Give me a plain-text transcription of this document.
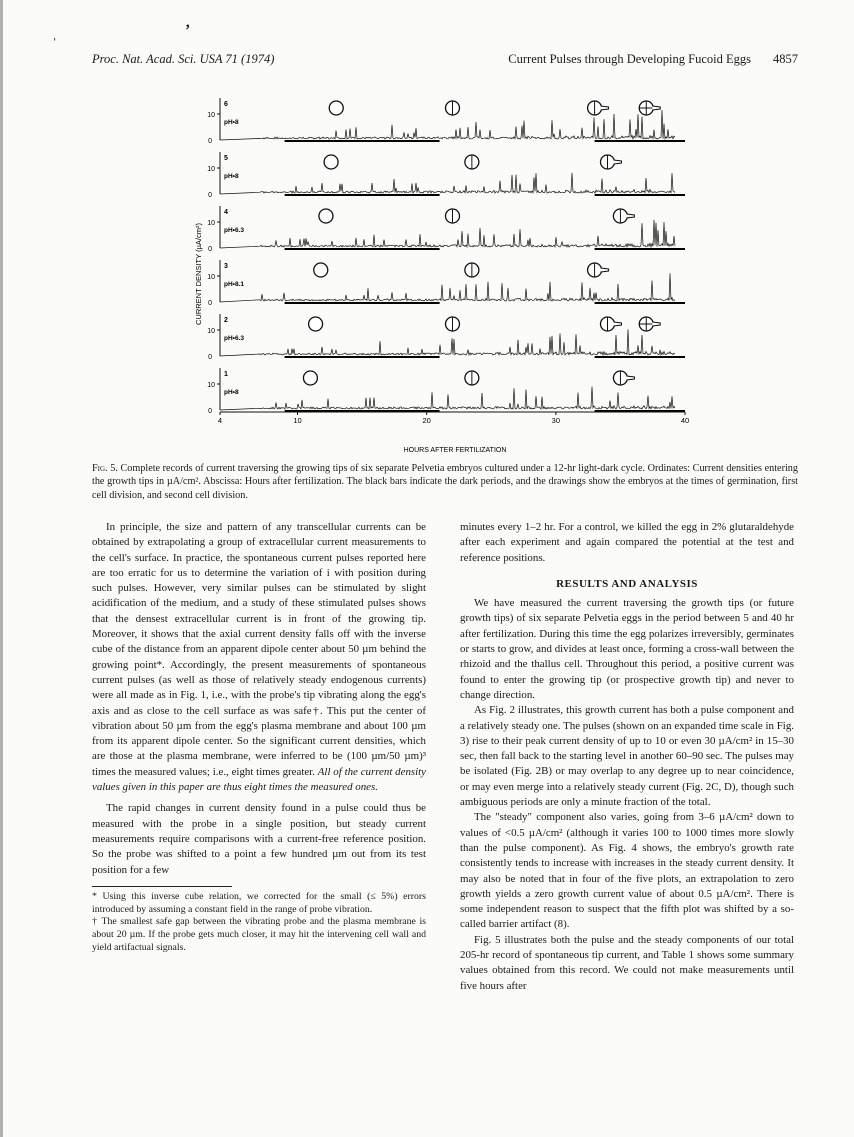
ʼ
ˌ
Proc. Nat. Acad. Sci. USA 71 (1974)	Current Pulses through Developing Fucoid Eggs 4857
CURRENT DENSITY (µA/cm²)
10
0
6
pH•8
10
0
5
pH•8
10
0
4
pH•6.3
10
0
3
pH•8.1
10
0
2
pH•6.3
10
0
1
pH•8
4	10	20	30	40
HOURS AFTER FERTILIZATION
Fig. 5. Complete records of current traversing the growing tips of six separate Pelvetia embryos cultured under a 12-hr light-dark cycle. Ordinates: Current densities entering the growth tips in µA/cm². Abscissa: Hours after fertilization. The black bars indicate the dark periods, and the drawings show the embryos at the times of germination, first cell division, and second cell division.

In principle, the size and pattern of any transcellular currents can be obtained by extrapolating a group of extracellular current measurements to the cell's surface. In practice, the spontaneous current pulses reported here are too erratic for us to determine the variation of i with position during such pulses. However, very similar pulses can be stimulated by slight acidification of the medium, and a study of these stimulated pulses shows that the densest extracellular current is in front of the growing tip. Moreover, it shows that the axial current density falls off with the inverse cube of the distance from an apparent dipole center about 50 µm behind the growing point*. Accordingly, the present measurements of spontaneous current pulses (as well as those of relatively steady endogenous currents) were all made as in Fig. 1, i.e., with the probe's tip vibrating along the egg's axis and as close to the cell surface as was safe†. This put the center of vibration about 50 µm from the egg's plasma membrane and about 100 µm from its apparent dipole center. So the significant current densities, which are those at the plasma membrane, were inferred to be (100 µm/50 µm)³ times the measured values; i.e., eight times greater. All of the current density values given in this paper are thus eight times the measured ones.

The rapid changes in current density found in a pulse could thus be measured with the probe in a single position, but steady current measurements require comparisons with a current-free reference position. So the probe was shifted to a point a few hundred µm out from its test position for a few

* Using this inverse cube relation, we corrected for the small (≤ 5%) errors introduced by assuming a constant field in the range of probe vibration.

† The smallest safe gap between the vibrating probe and the plasma membrane is about 20 µm. If the probe gets much closer, it may hit the intervening cell wall and yield artifactual signals.

minutes every 1–2 hr. For a control, we killed the egg in 2% glutaraldehyde after each experiment and again compared the potential at the test and reference positions.

RESULTS AND ANALYSIS

We have measured the current traversing the growth tips (or future growth tips) of six separate Pelvetia eggs in the period between 5 and 40 hr after fertilization. During this time the egg polarizes irreversibly, germinates or starts to grow, and divides at least once, forming a cross-wall between the rhizoid and the thallus cell. Throughout this period, a positive current was found to enter the growing tip (or prospective growth tip) and never to change direction.

As Fig. 2 illustrates, this growth current has both a pulse component and a relatively steady one. The pulses (shown on an expanded time scale in Fig. 3) rise to their peak current density of up to 10 or even 30 µA/cm² in 15–30 sec, then fall back to the starting level in another 60–90 sec. The pulses may be isolated (Fig. 2B) or may overlap to any degree up to near coincidence, or may even merge into a relatively steady current (Fig. 2C, D), though such ambiguous periods are only a minute fraction of the total.

The "steady" component also varies, going from 3–6 µA/cm² down to values of <0.5 µA/cm² (although it varies 100 to 1000 times more slowly than the pulse component). As Fig. 4 shows, the embryo's growth rate consistently tends to increase with increases in the steady current density. It may also be noted that in four of the five plots, an extrapolation to zero growth yields a zero growth current value of about 0.5 µA/cm². There is some independent reason to suspect that the fifth plot was shifted by a so-called barrier artifact (8).

Fig. 5 illustrates both the pulse and the steady components of our total 205-hr record of spontaneous tip current, and Table 1 shows some summary values obtained from this record. We could not make measurements until five hours after
